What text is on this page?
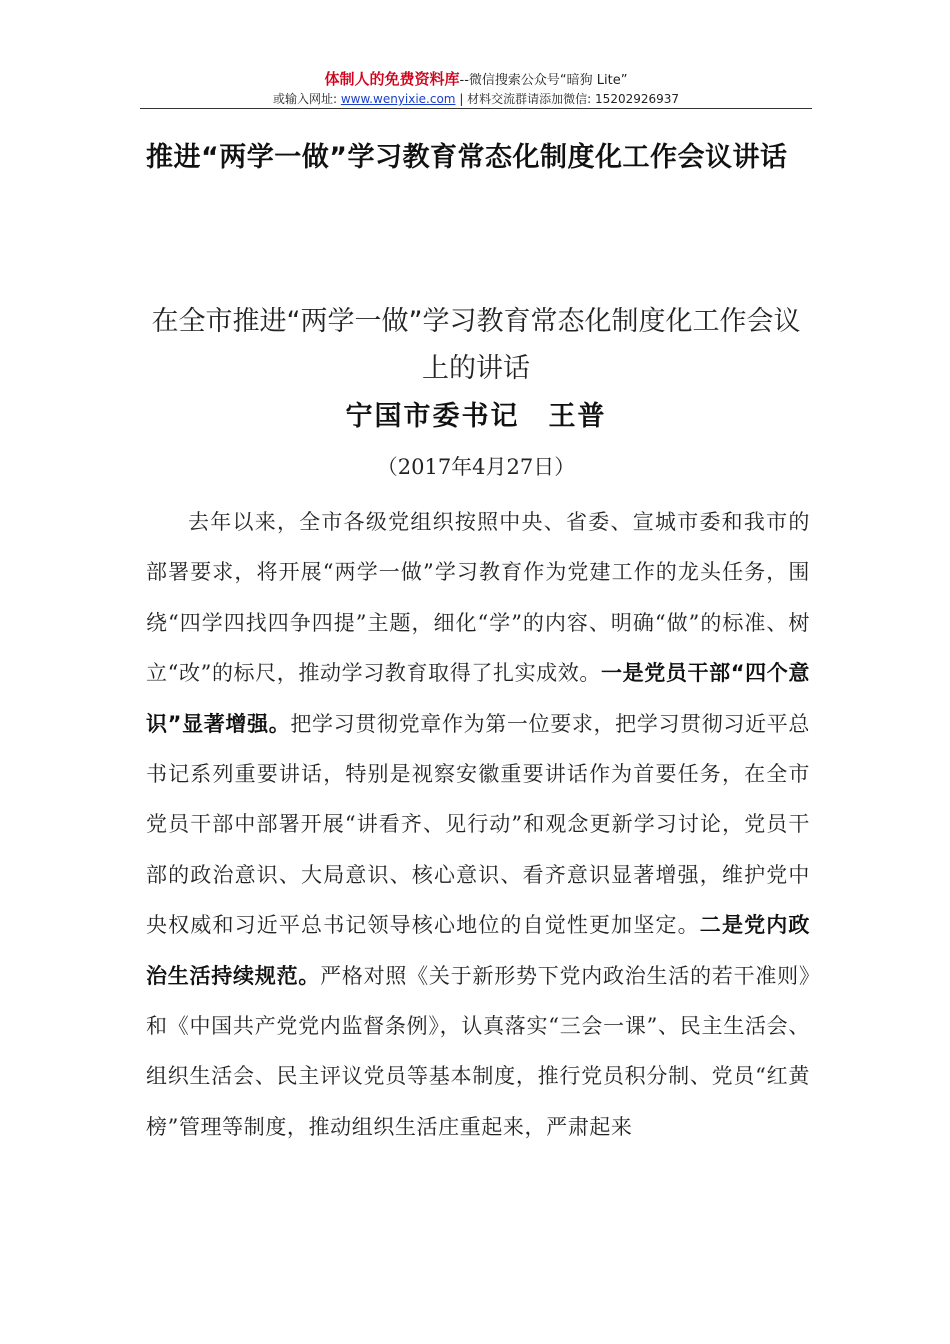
体制人的免费资料库--微信搜索公众号“暗狗 Lite”
或输入网址: www.wenyixie.com | 材料交流群请添加微信: 15202926937
推进“两学一做”学习教育常态化制度化工作会议讲话
在全市推进“两学一做”学习教育常态化制度化工作会议上的讲话
宁国市委书记　王普
（2017年4月27日）
去年以来，全市各级党组织按照中央、省委、宣城市委和我市的部署要求，将开展“两学一做”学习教育作为党建工作的龙头任务，围绕“四学四找四争四提”主题，细化“学”的内容、明确“做”的标准、树立“改”的标尺，推动学习教育取得了扎实成效。一是党员干部“四个意识”显著增强。把学习贯彻党章作为第一位要求，把学习贯彻习近平总书记系列重要讲话，特别是视察安徽重要讲话作为首要任务，在全市党员干部中部署开展“讲看齐、见行动”和观念更新学习讨论，党员干部的政治意识、大局意识、核心意识、看齐意识显著增强，维护党中央权威和习近平总书记领导核心地位的自觉性更加坚定。二是党内政治生活持续规范。严格对照《关于新形势下党内政治生活的若干准则》和《中国共产党党内监督条例》，认真落实“三会一课”、民主生活会、组织生活会、民主评议党员等基本制度，推行党员积分制、党员“红黄榜”管理等制度，推动组织生活庄重起来，严肃起来
